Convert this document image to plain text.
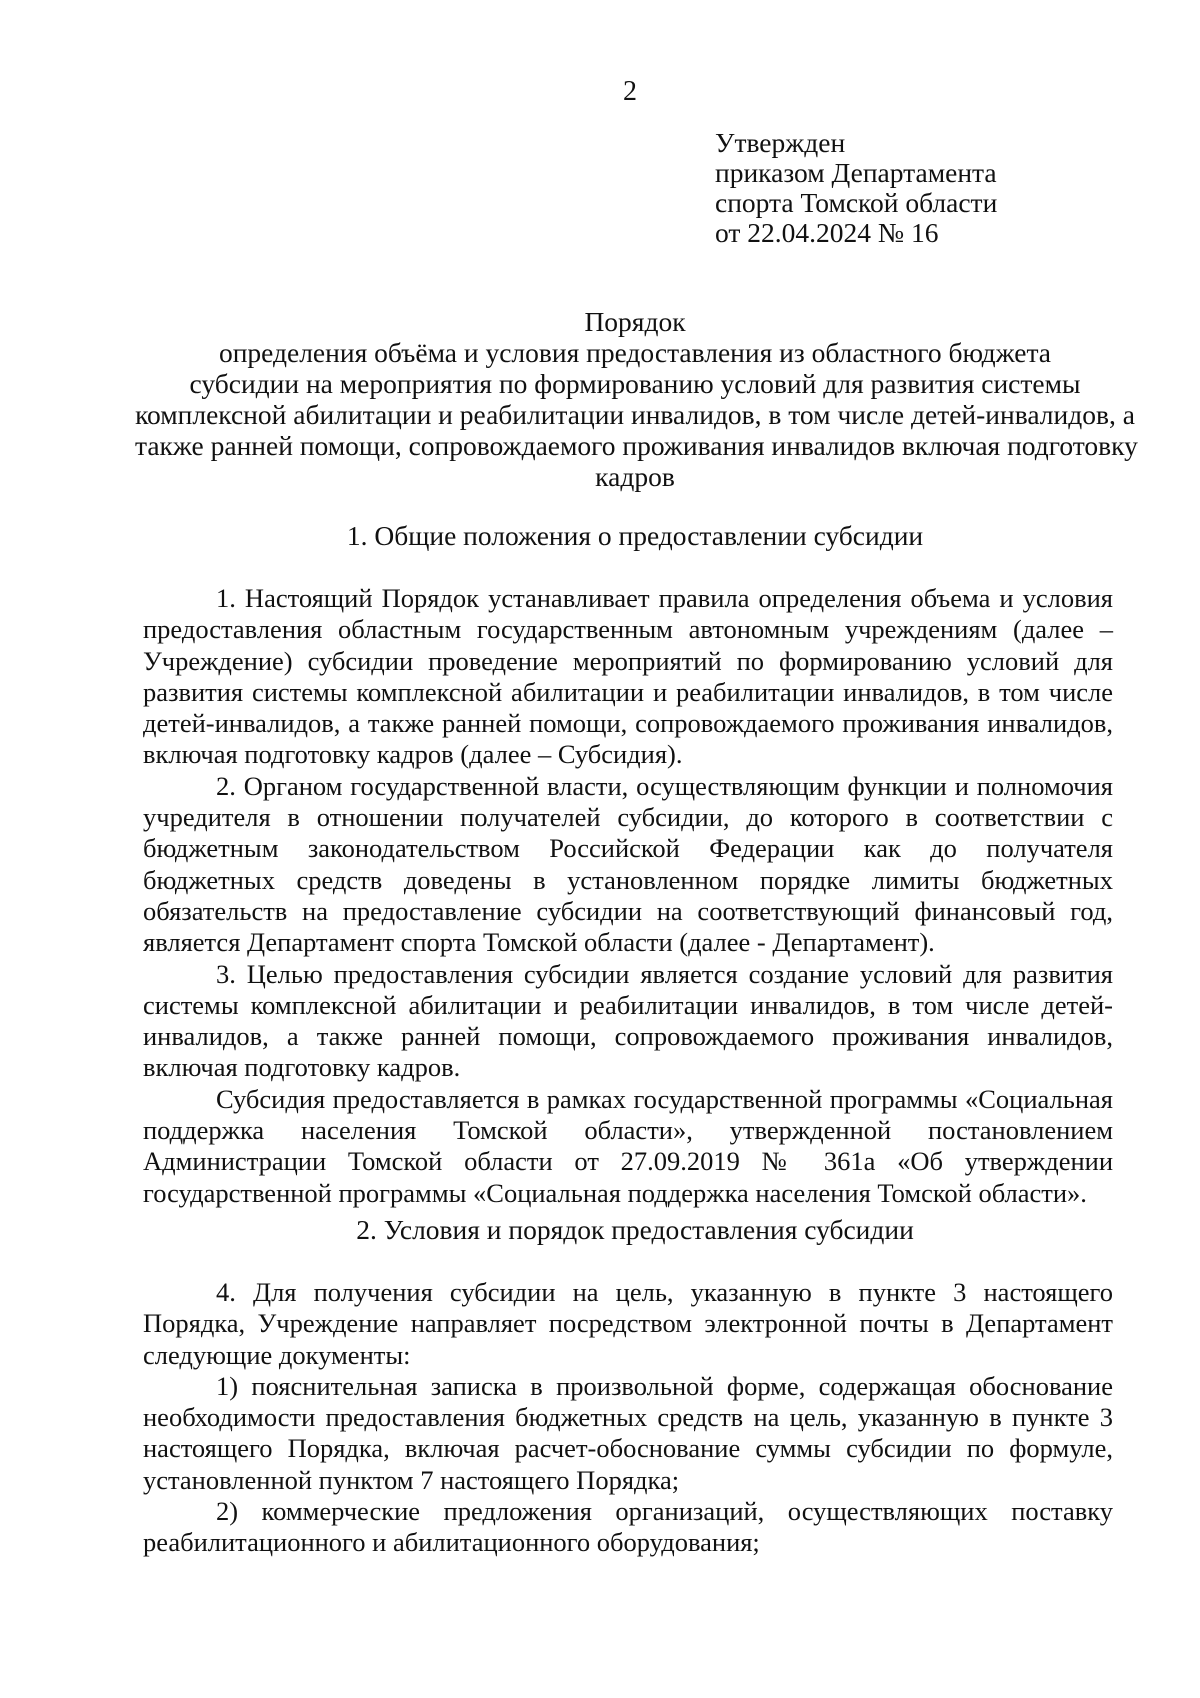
2
Утвержден
приказом Департамента
спорта Томской области
от 22.04.2024 № 16
Порядок
определения объёма и условия предоставления из областного бюджета
субсидии на мероприятия по формированию условий для развития системы
комплексной абилитации и реабилитации инвалидов, в том числе детей-инвалидов, а
также ранней помощи, сопровождаемого проживания инвалидов включая подготовку
кадров
1. Общие положения о предоставлении субсидии

1. Настоящий Порядок устанавливает правила определения объема и условия предоставления областным государственным автономным учреждениям (далее – Учреждение) субсидии проведение мероприятий по формированию условий для развития системы комплексной абилитации и реабилитации инвалидов, в том числе детей-инвалидов, а также ранней помощи, сопровождаемого проживания инвалидов, включая подготовку кадров (далее – Субсидия).

2. Органом государственной власти, осуществляющим функции и полномочия учредителя в отношении получателей субсидии, до которого в соответствии с бюджетным законодательством Российской Федерации как до получателя бюджетных средств доведены в установленном порядке лимиты бюджетных обязательств на предоставление субсидии на соответствующий финансовый год, является Департамент спорта Томской области (далее - Департамент).

3. Целью предоставления субсидии является создание условий для развития системы комплексной абилитации и реабилитации инвалидов, в том числе детей-инвалидов, а также ранней помощи, сопровождаемого проживания инвалидов, включая подготовку кадров.

Субсидия предоставляется в рамках государственной программы «Социальная поддержка населения Томской области», утвержденной постановлением Администрации Томской области от 27.09.2019 № 361а «Об утверждении государственной программы «Социальная поддержка населения Томской области».

2. Условия и порядок предоставления субсидии

4. Для получения субсидии на цель, указанную в пункте 3 настоящего Порядка, Учреждение направляет посредством электронной почты в Департамент следующие документы:

1) пояснительная записка в произвольной форме, содержащая обоснование необходимости предоставления бюджетных средств на цель, указанную в пункте 3 настоящего Порядка, включая расчет-обоснование суммы субсидии по формуле, установленной пунктом 7 настоящего Порядка;

2) коммерческие предложения организаций, осуществляющих поставку реабилитационного и абилитационного оборудования;
